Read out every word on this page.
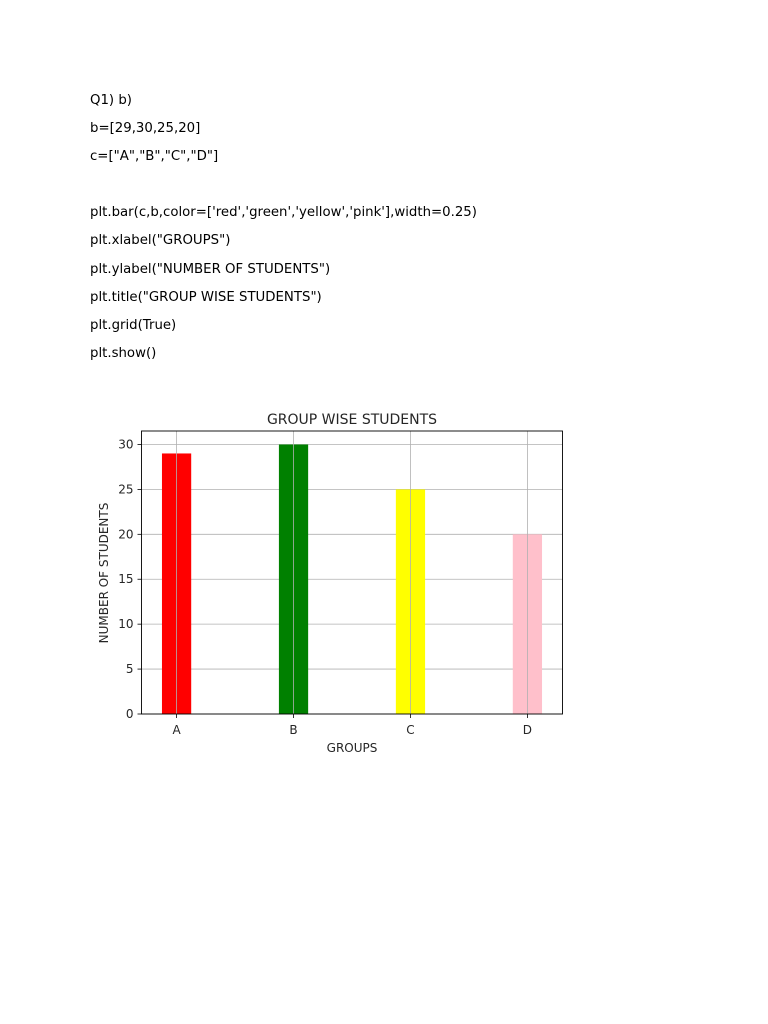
Q1) b)
b=[29,30,25,20]
c=["A","B","C","D"]
plt.bar(c,b,color=['red','green','yellow','pink'],width=0.25)
plt.xlabel("GROUPS")
plt.ylabel("NUMBER OF STUDENTS")
plt.title("GROUP WISE STUDENTS")
plt.grid(True)
plt.show()
0
5
10
15
20
25
30
A	B	C	D
GROUP WISE STUDENTS
GROUPS
NUMBER OF STUDENTS
